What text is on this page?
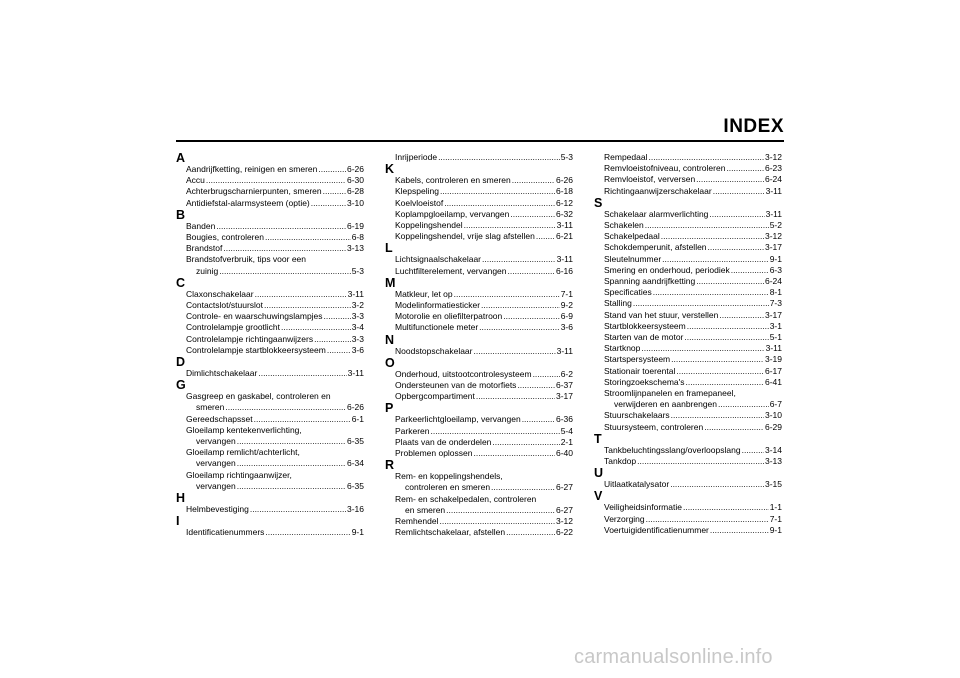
INDEX
A
Aandrijfketting, reinigen en smeren .....	6-26
Accu .....	6-30
Achterbrugscharnierpunten, smeren .....	6-28
Antidiefstal-alarmsysteem (optie) .....	3-10
B
Banden .....	6-19
Bougies, controleren .....	6-8
Brandstof .....	3-13
Brandstofverbruik, tips voor een
zuinig .....	5-3
C
Claxonschakelaar .....	3-11
Contactslot/stuurslot .....	3-2
Controle- en waarschuwingslampjes .....	3-3
Controlelampje grootlicht .....	3-4
Controlelampje richtingaanwijzers .....	3-3
Controlelampje startblokkeersysteem .....	3-6
D
Dimlichtschakelaar .....	3-11
G
Gasgreep en gaskabel, controleren en
smeren .....	6-26
Gereedschapsset .....	6-1
Gloeilamp kentekenverlichting,
vervangen .....	6-35
Gloeilamp remlicht/achterlicht,
vervangen .....	6-34
Gloeilamp richtingaanwijzer,
vervangen .....	6-35
H
Helmbevestiging .....	3-16
I
Identificatienummers .....	9-1
Inrijperiode .....	5-3
K
Kabels, controleren en smeren .....	6-26
Klepspeling .....	6-18
Koelvloeistof .....	6-12
Koplampgloeilamp, vervangen .....	6-32
Koppelingshendel .....	3-11
Koppelingshendel, vrije slag afstellen ..... 6-21
L
Lichtsignaalschakelaar .....	3-11
Luchtfilterelement, vervangen .....	6-16
M
Matkleur, let op .....	7-1
Modelinformatiesticker .....	9-2
Motorolie en oliefilterpatroon .....	6-9
Multifunctionele meter .....	3-6
N
Noodstopschakelaar .....	3-11
O
Onderhoud, uitstootcontrolesysteem .....	6-2
Ondersteunen van de motorfiets .....	6-37
Opbergcompartiment .....	3-17
P
Parkeerlichtgloeilamp, vervangen .....	6-36
Parkeren .....	5-4
Plaats van de onderdelen .....	2-1
Problemen oplossen .....	6-40
R
Rem- en koppelingshendels,
controleren en smeren .....	6-27
Rem- en schakelpedalen, controleren
en smeren .....	6-27
Remhendel .....	3-12
Remlichtschakelaar, afstellen .....	6-22
Rempedaal .....	3-12
Remvloeistofniveau, controleren .....	6-23
Remvloeistof, verversen .....	6-24
Richtingaanwijzerschakelaar .....	3-11
S
Schakelaar alarmverlichting .....	3-11
Schakelen .....	5-2
Schakelpedaal .....	3-12
Schokdemperunit, afstellen .....	3-17
Sleutelnummer .....	9-1
Smering en onderhoud, periodiek .....	6-3
Spanning aandrijfketting .....	6-24
Specificaties .....	8-1
Stalling .....	7-3
Stand van het stuur, verstellen .....	3-17
Startblokkeersysteem .....	3-1
Starten van de motor .....	5-1
Startknop .....	3-11
Startspersysteem .....	3-19
Stationair toerental .....	6-17
Storingzoekschema's .....	6-41
Stroomlijnpanelen en framepaneel,
verwijderen en aanbrengen .....	6-7
Stuurschakelaars .....	3-10
Stuursysteem, controleren .....	6-29
T
Tankbeluchtingsslang/overloopslang .....	3-14
Tankdop .....	3-13
U
Uitlaatkatalysator .....	3-15
V
Veiligheidsinformatie .....	1-1
Verzorging .....	7-1
Voertuigidentificatienummer .....	9-1
carmanualsonline.info
